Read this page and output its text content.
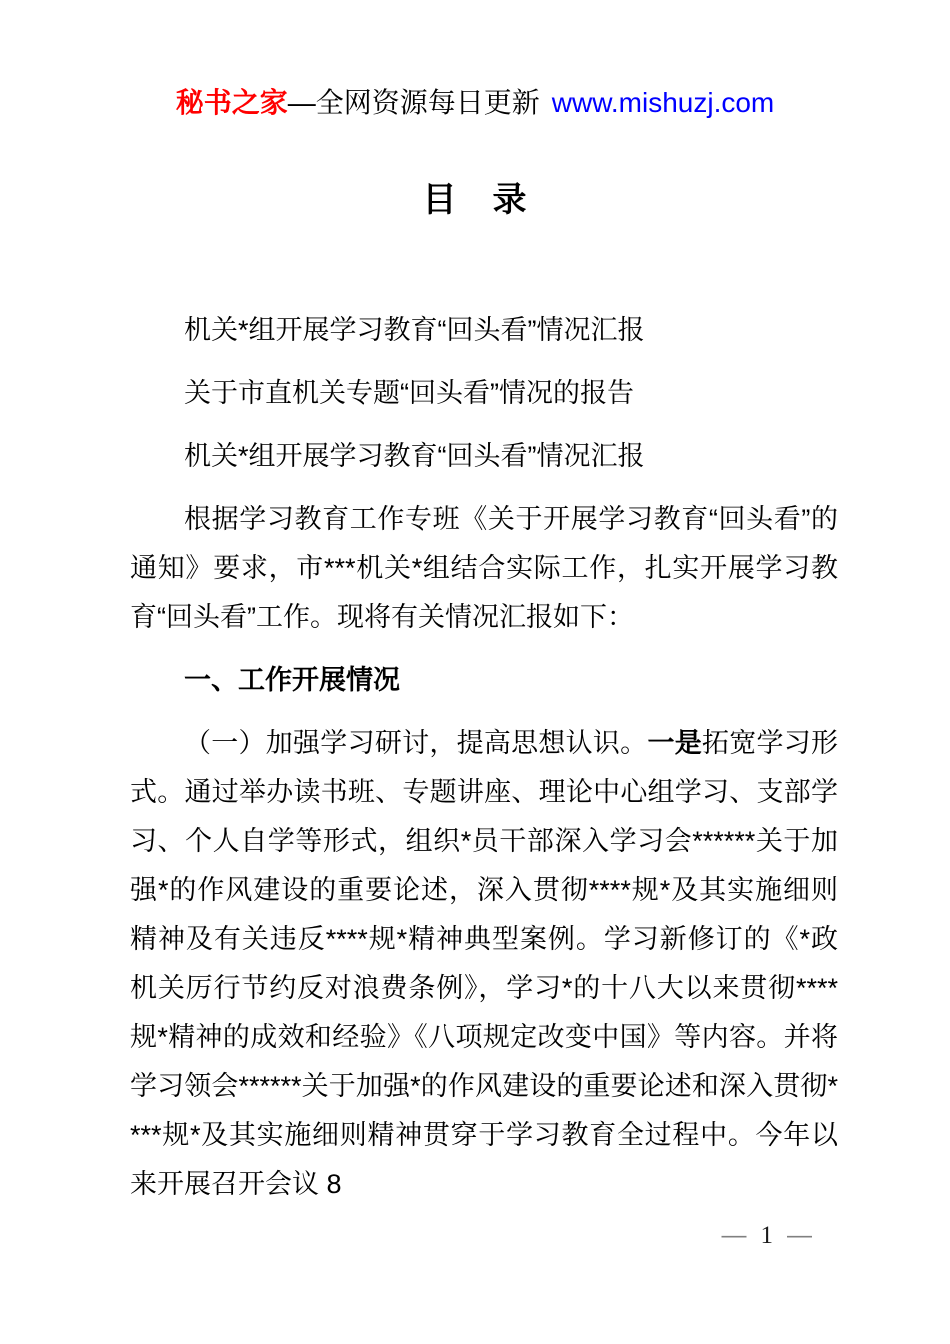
秘书之家—全网资源每日更新 www.mishuzj.com
目　录

机关*组开展学习教育“回头看”情况汇报

关于市直机关专题“回头看”情况的报告

机关*组开展学习教育“回头看”情况汇报

根据学习教育工作专班《关于开展学习教育“回头看”的通知》要求，市***机关*组结合实际工作，扎实开展学习教育“回头看”工作。现将有关情况汇报如下：

一、工作开展情况

（一）加强学习研讨，提高思想认识。一是拓宽学习形式。通过举办读书班、专题讲座、理论中心组学习、支部学习、个人自学等形式，组织*员干部深入学习会******关于加强*的作风建设的重要论述，深入贯彻****规*及其实施细则精神及有关违反****规*精神典型案例。学习新修订的《*政机关厉行节约反对浪费条例》，学习*的十八大以来贯彻****规*精神的成效和经验》《八项规定改变中国》等内容。并将学习领会******关于加强*的作风建设的重要论述和深入贯彻****规*及其实施细则精神贯穿于学习教育全过程中。今年以来开展召开会议 8

— 1 —
